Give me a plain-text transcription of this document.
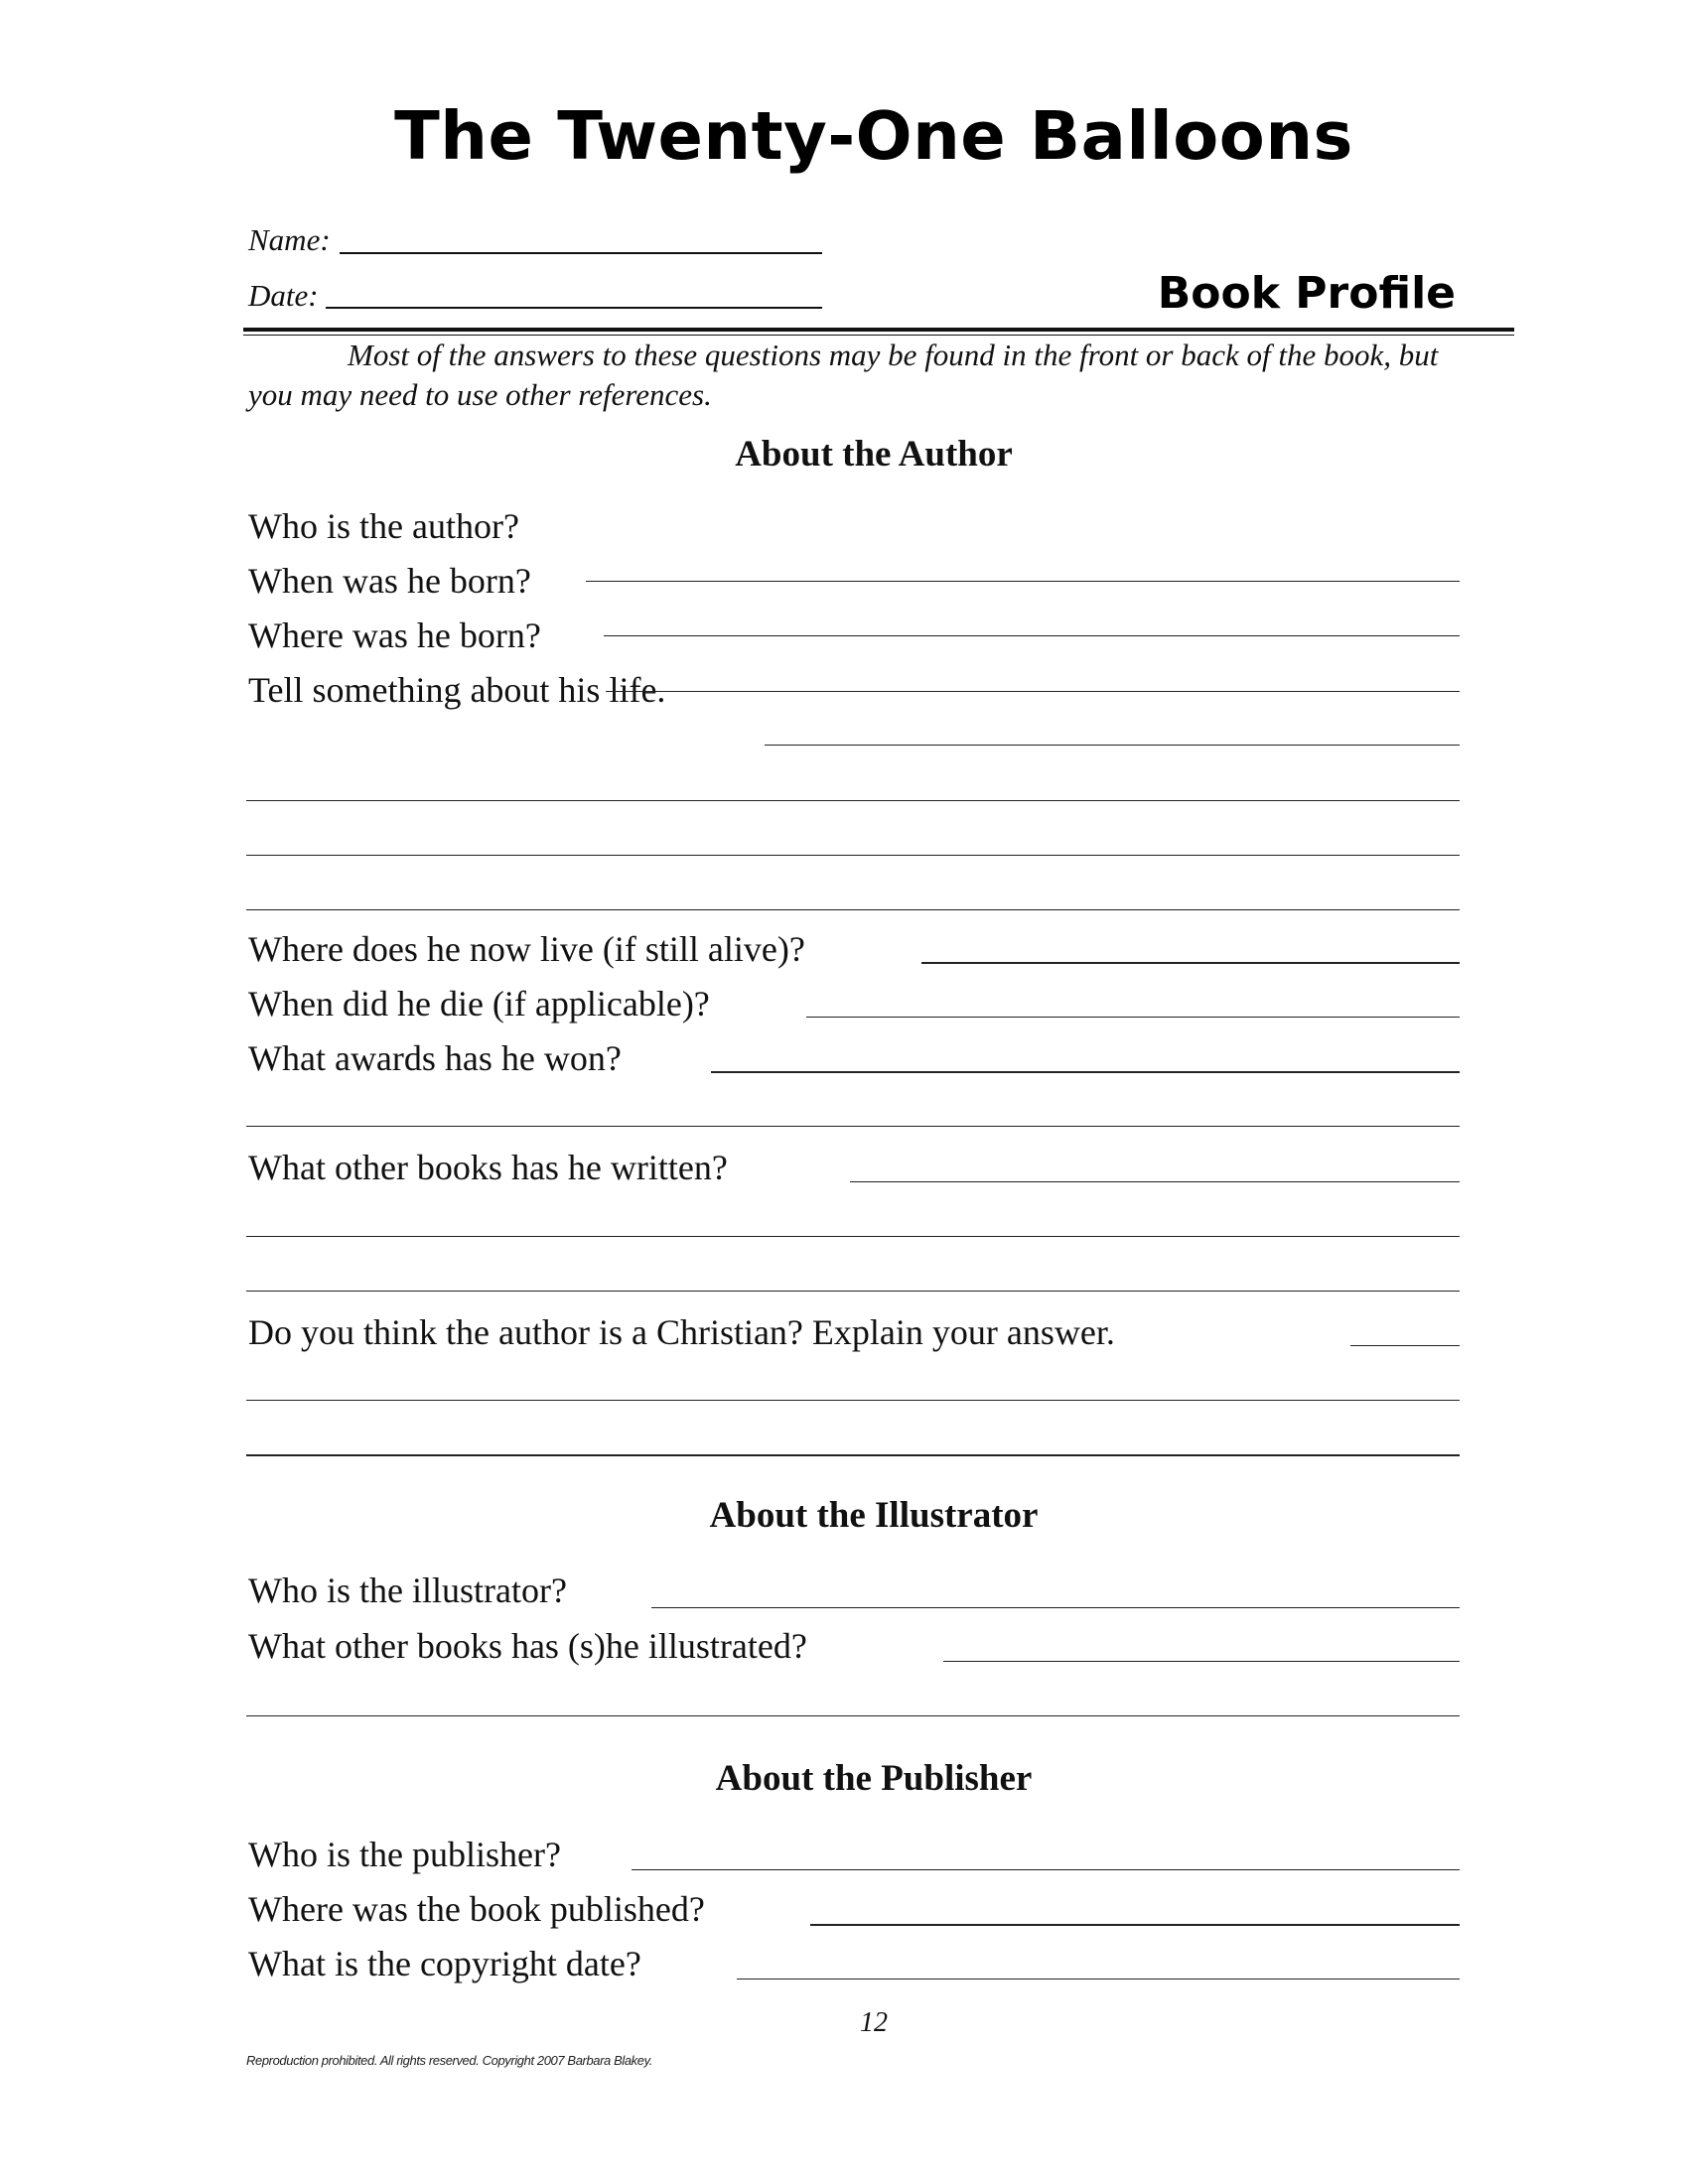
The Twenty-One Balloons
Name:
Date:	Book Profile
Most of the answers to these questions may be found in the front or back of the book, but you may need to use other references.
About the Author
Who is the author?
When was he born?
Where was he born?
Tell something about his life.
Where does he now live (if still alive)?
When did he die (if applicable)?
What awards has he won?
What other books has he written?
Do you think the author is a Christian? Explain your answer.
About the Illustrator
Who is the illustrator?
What other books has (s)he illustrated?
About the Publisher
Who is the publisher?
Where was the book published?
What is the copyright date?
12
Reproduction prohibited. All rights reserved. Copyright 2007 Barbara Blakey.
